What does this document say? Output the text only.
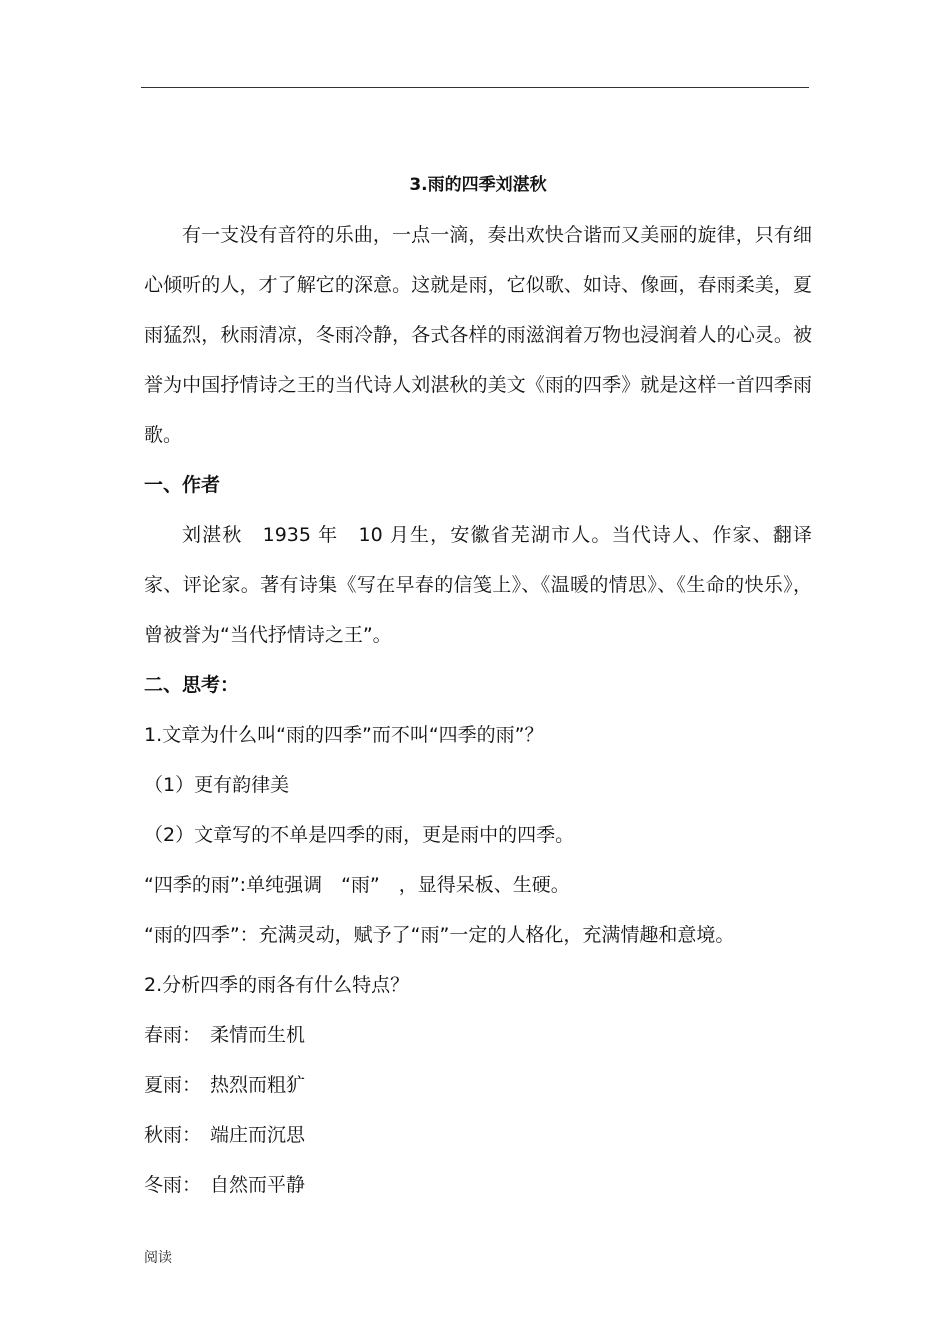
3.雨的四季刘湛秋

有一支没有音符的乐曲，一点一滴，奏出欢快合谐而又美丽的旋律，只有细心倾听的人，才了解它的深意。这就是雨，它似歌、如诗、像画，春雨柔美，夏雨猛烈，秋雨清凉，冬雨冷静，各式各样的雨滋润着万物也浸润着人的心灵。被誉为中国抒情诗之王的当代诗人刘湛秋的美文《雨的四季》就是这样一首四季雨歌。

一、作者

刘湛秋　1935 年　10 月生，安徽省芜湖市人。当代诗人、作家、翻译家、评论家。著有诗集《写在早春的信笺上》、《温暖的情思》、《生命的快乐》，曾被誉为“当代抒情诗之王”。

二、思考：

1.文章为什么叫“雨的四季”而不叫“四季的雨”？

（1）更有韵律美

（2）文章写的不单是四季的雨，更是雨中的四季。

“四季的雨”:单纯强调　“雨”　，显得呆板、生硬。

“雨的四季”：充满灵动，赋予了“雨”一定的人格化，充满情趣和意境。

2.分析四季的雨各有什么特点？

春雨： 柔情而生机

夏雨： 热烈而粗犷

秋雨： 端庄而沉思

冬雨： 自然而平静

阅读
